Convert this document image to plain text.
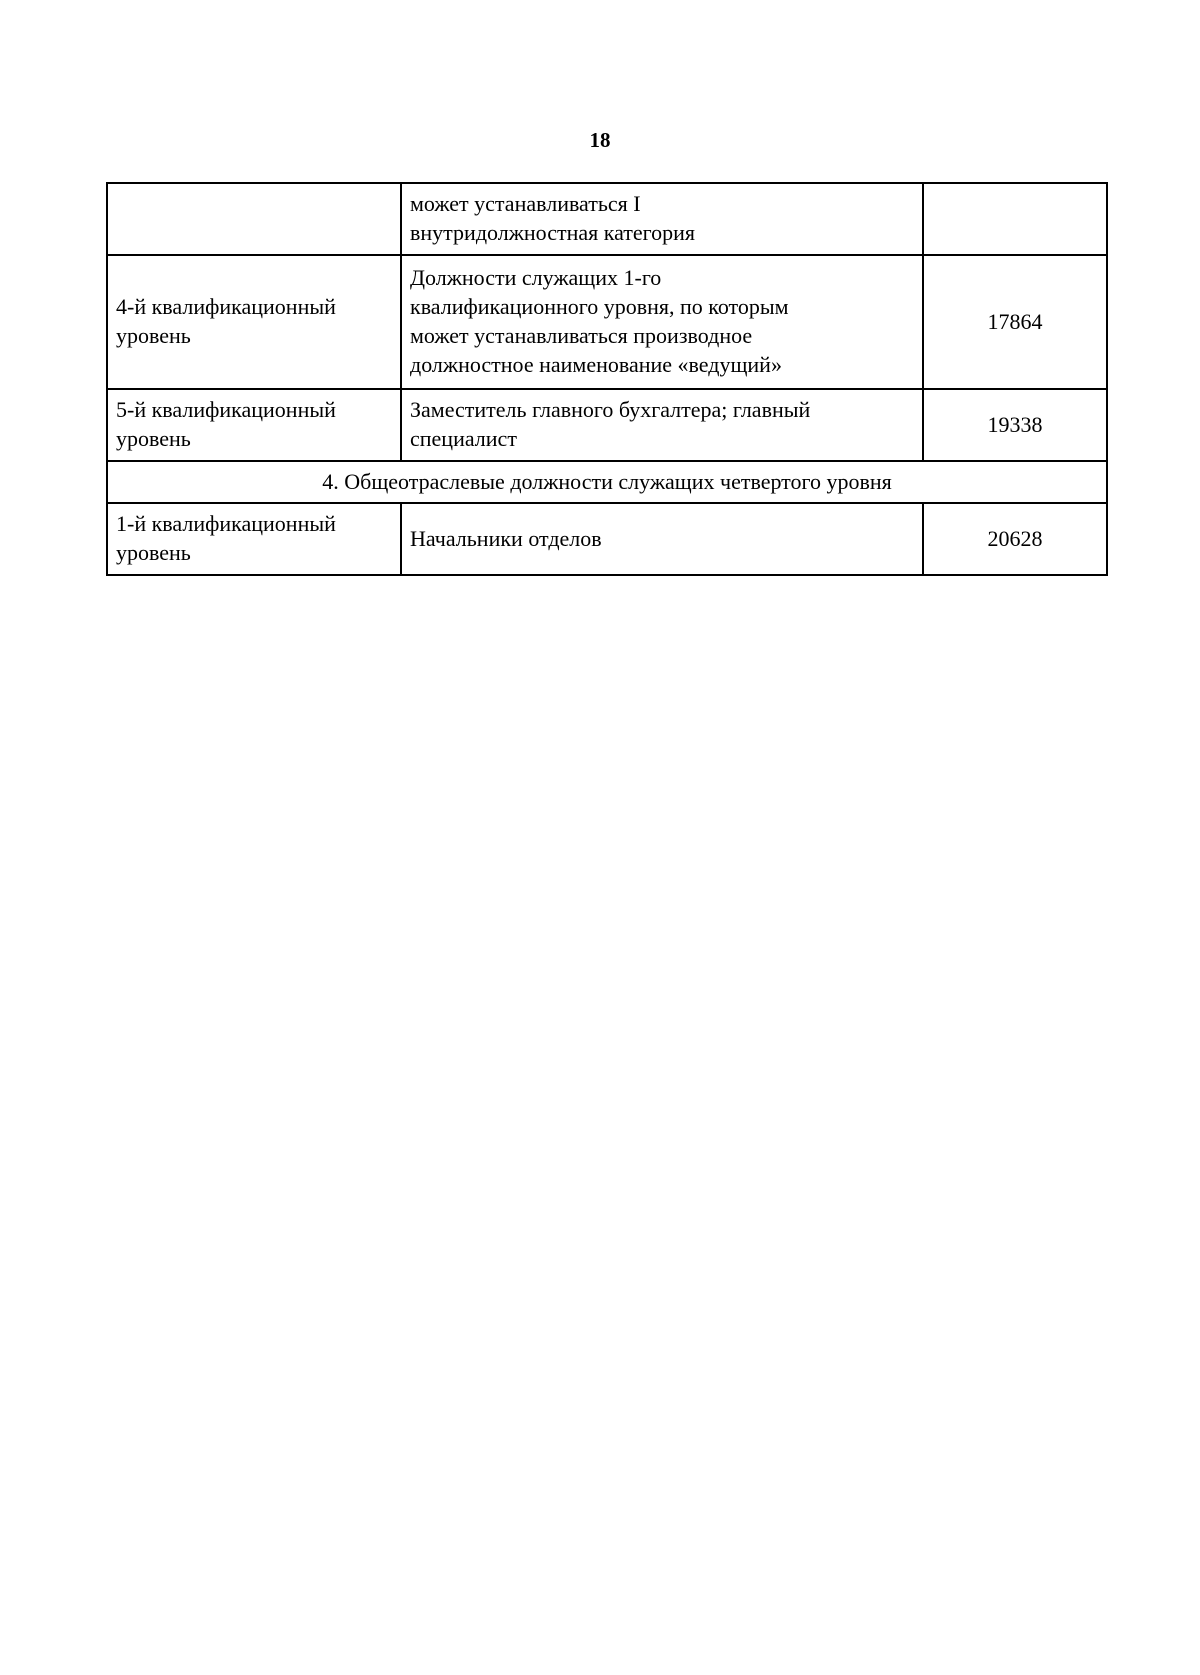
18

	может устанавливаться I
внутридолжностная категория	

4-й квалификационный
уровень	Должности служащих 1-го
квалификационного уровня, по которым
может устанавливаться производное
должностное наименование «ведущий»	17864

5-й квалификационный
уровень	Заместитель главного бухгалтера; главный
специалист	19338
4. Общеотраслевые должности служащих четвертого уровня		

1-й квалификационный
уровень	Начальники отделов	20628
